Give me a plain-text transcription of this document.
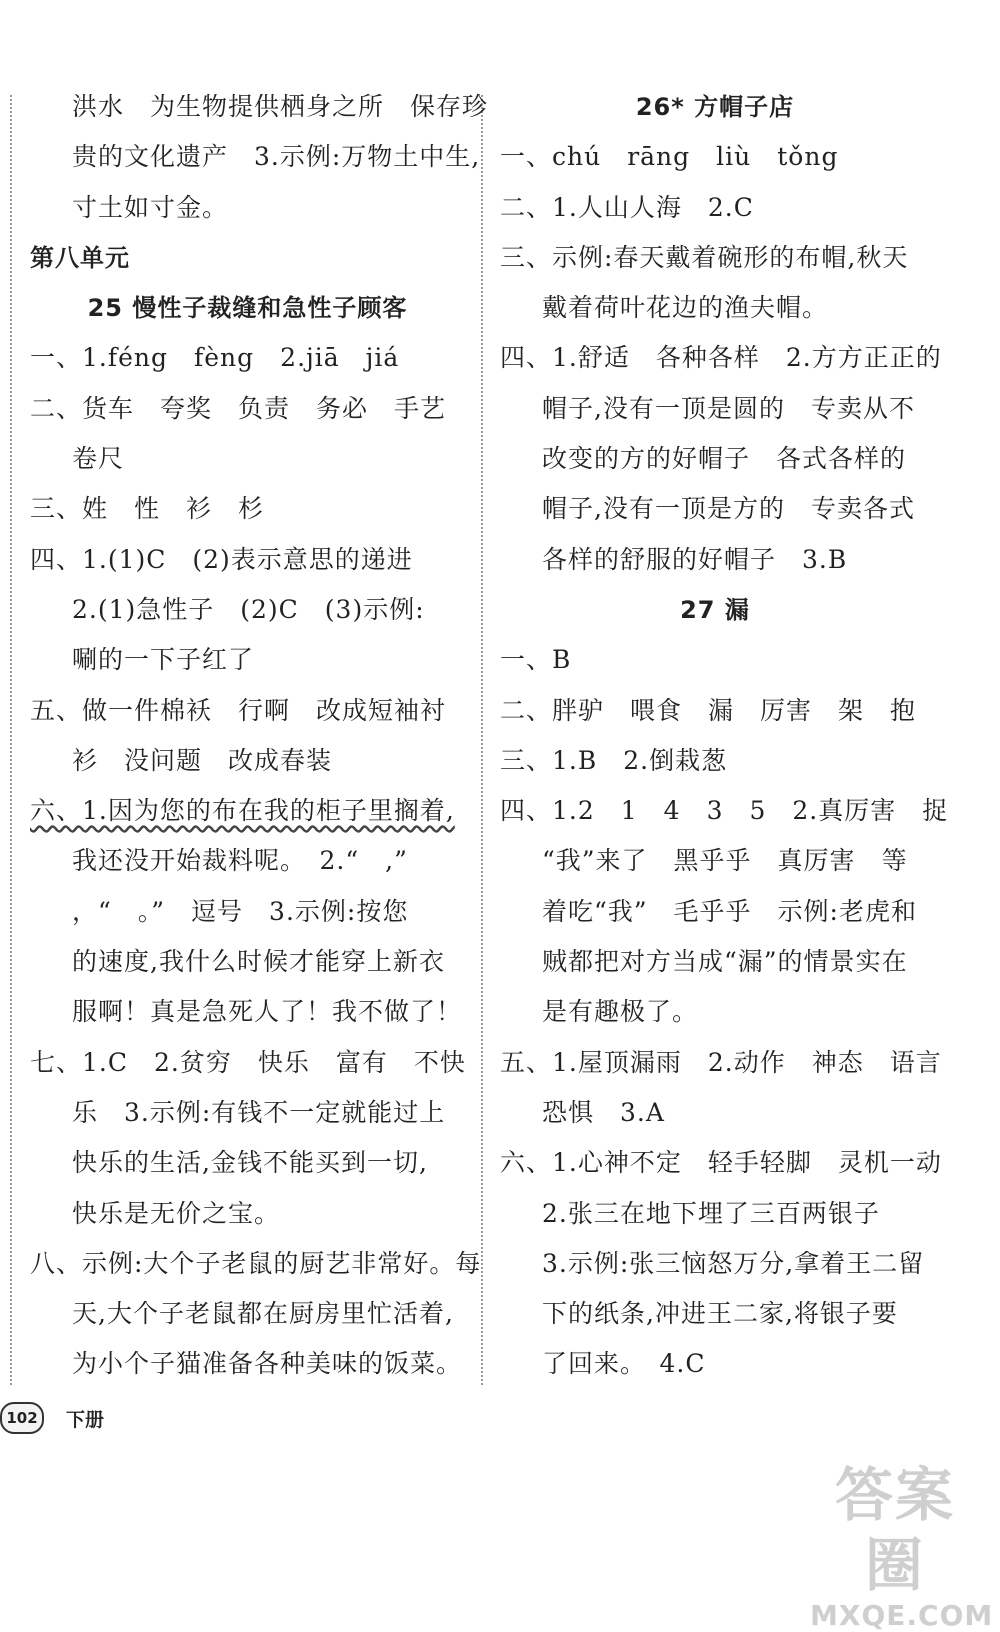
洪水　为生物提供栖身之所　保存珍
贵的文化遗产　3.示例:万物土中生,
寸土如寸金。
第八单元
25 慢性子裁缝和急性子顾客
一、1.féng　fèng　2.jiā　jiá
二、货车　夸奖　负责　务必　手艺
卷尺
三、姓　性　衫　杉
四、1.(1)C　(2)表示意思的递进
2.(1)急性子　(2)C　(3)示例:
唰的一下子红了
五、做一件棉袄　行啊　改成短袖衬
衫　没问题　改成春装
六、1.因为您的布在我的柜子里搁着,
我还没开始裁料呢。　2.“　,”
，“　。”　逗号　3.示例:按您
的速度,我什么时候才能穿上新衣
服啊！真是急死人了！我不做了！
七、1.C　2.贫穷　快乐　富有　不快
乐　3.示例:有钱不一定就能过上
快乐的生活,金钱不能买到一切,
快乐是无价之宝。
八、示例:大个子老鼠的厨艺非常好。每
天,大个子老鼠都在厨房里忙活着,
为小个子猫准备各种美味的饭菜。
26* 方帽子店
一、chú　rāng　liù　tǒng
二、1.人山人海　2.C
三、示例:春天戴着碗形的布帽,秋天
戴着荷叶花边的渔夫帽。
四、1.舒适　各种各样　2.方方正正的
帽子,没有一顶是圆的　专卖从不
改变的方的好帽子　各式各样的
帽子,没有一顶是方的　专卖各式
各样的舒服的好帽子　3.B
27 漏
一、B
二、胖驴　喂食　漏　厉害　架　抱
三、1.B　2.倒栽葱
四、1.2　1　4　3　5　2.真厉害　捉
“我”来了　黑乎乎　真厉害　等
着吃“我”　毛乎乎　示例:老虎和
贼都把对方当成“漏”的情景实在
是有趣极了。
五、1.屋顶漏雨　2.动作　神态　语言
恐惧　3.A
六、1.心神不定　轻手轻脚　灵机一动
2.张三在地下埋了三百两银子
3.示例:张三恼怒万分,拿着王二留
下的纸条,冲进王二家,将银子要
了回来。　4.C
102	下册
答案圈
MXQE.COM
